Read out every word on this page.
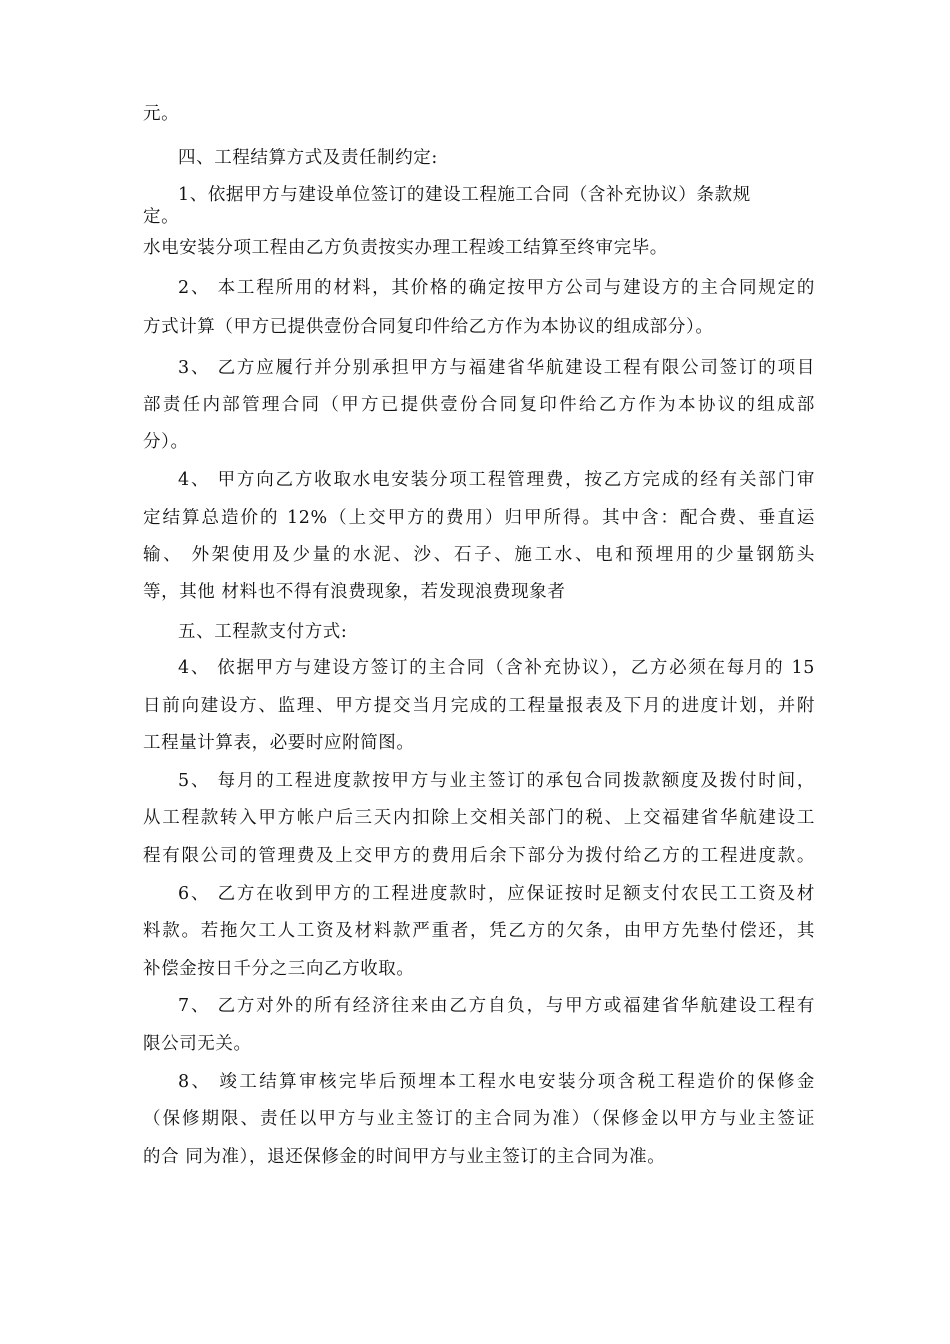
元。
四、工程结算方式及责任制约定:
1、依据甲方与建设单位签订的建设工程施工合同（含补充协议）条款规
定。
水电安装分项工程由乙方负责按实办理工程竣工结算至终审完毕。
2、 本工程所用的材料，其价格的确定按甲方公司与建设方的主合同规定的
方式计算（甲方已提供壹份合同复印件给乙方作为本协议的组成部分）。
3、 乙方应履行并分别承担甲方与福建省华航建设工程有限公司签订的项目
部责任内部管理合同（甲方已提供壹份合同复印件给乙方作为本协议的组成部
分）。
4、 甲方向乙方收取水电安装分项工程管理费，按乙方完成的经有关部门审
定结算总造价的 12%（上交甲方的费用）归甲所得。其中含：配合费、垂直运
输、 外架使用及少量的水泥、沙、石子、施工水、电和预埋用的少量钢筋头
等，其他 材料也不得有浪费现象，若发现浪费现象者
五、工程款支付方式:
4、 依据甲方与建设方签订的主合同（含补充协议），乙方必须在每月的 15
日前向建设方、监理、甲方提交当月完成的工程量报表及下月的进度计划，并附
工程量计算表，必要时应附简图。
5、 每月的工程进度款按甲方与业主签订的承包合同拨款额度及拨付时间，
从工程款转入甲方帐户后三天内扣除上交相关部门的税、上交福建省华航建设工
程有限公司的管理费及上交甲方的费用后余下部分为拨付给乙方的工程进度款。
6、 乙方在收到甲方的工程进度款时，应保证按时足额支付农民工工资及材
料款。若拖欠工人工资及材料款严重者，凭乙方的欠条，由甲方先垫付偿还，其
补偿金按日千分之三向乙方收取。
7、 乙方对外的所有经济往来由乙方自负，与甲方或福建省华航建设工程有
限公司无关。
8、 竣工结算审核完毕后预埋本工程水电安装分项含税工程造价的保修金
（保修期限、责任以甲方与业主签订的主合同为准）（保修金以甲方与业主签证
的合 同为准），退还保修金的时间甲方与业主签订的主合同为准。
